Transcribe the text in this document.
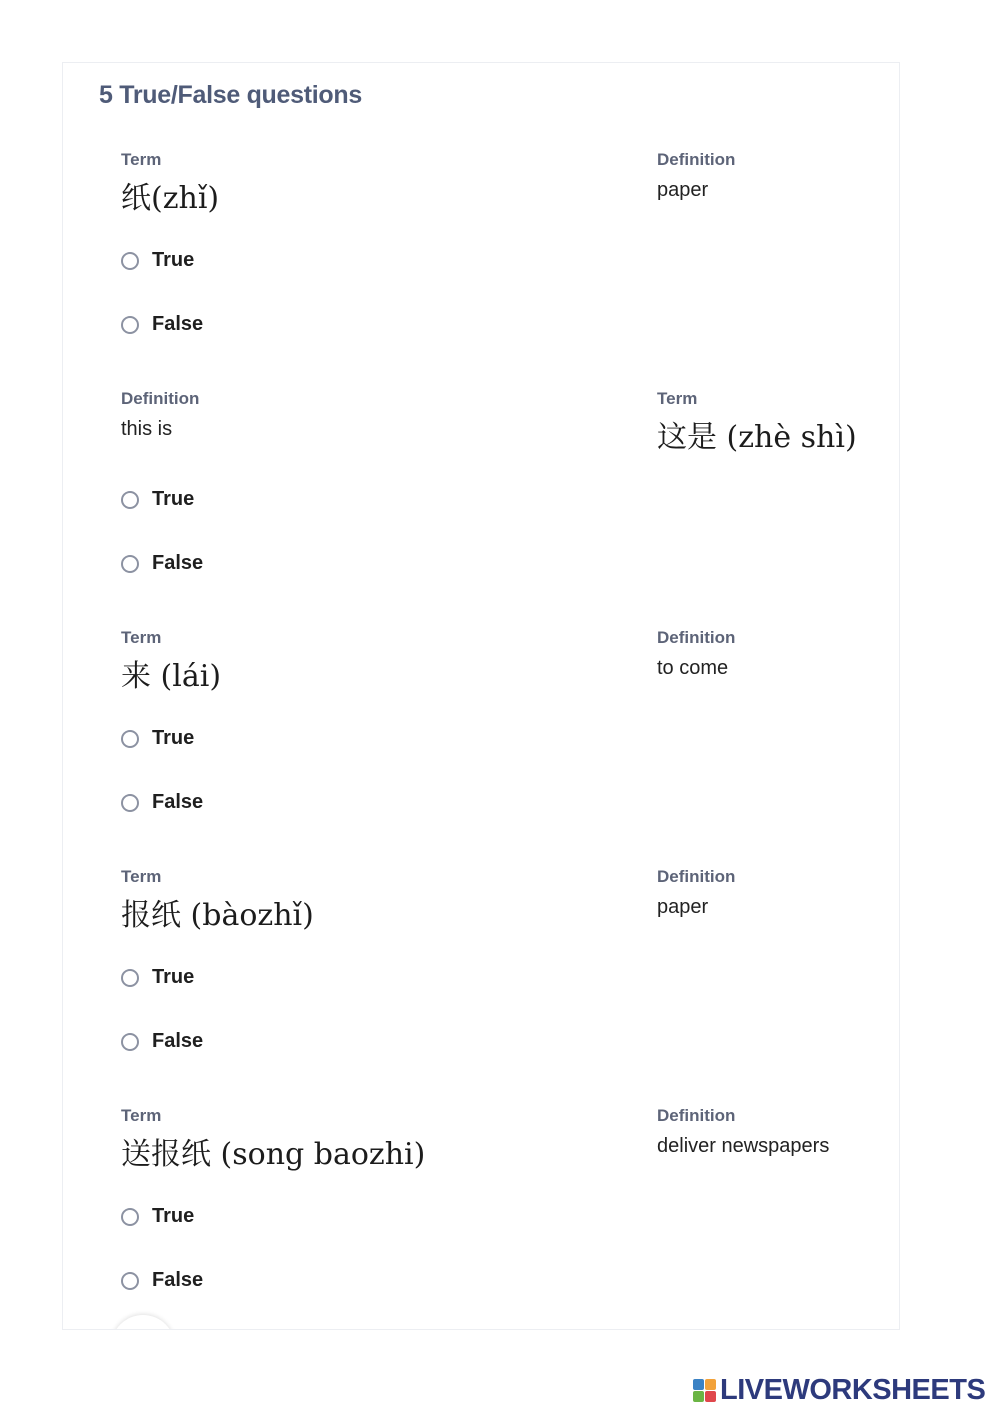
5 True/False questions
Term
纸(zhǐ)
Definition
paper
True
False
Definition
this is
Term
这是 (zhè shì)
True
False
Term
来 (lái)
Definition
to come
True
False
Term
报纸 (bàozhǐ)
Definition
paper
True
False
Term
送报纸 (song baozhi)
Definition
deliver newspapers
True
False
LIVEWORKSHEETS
